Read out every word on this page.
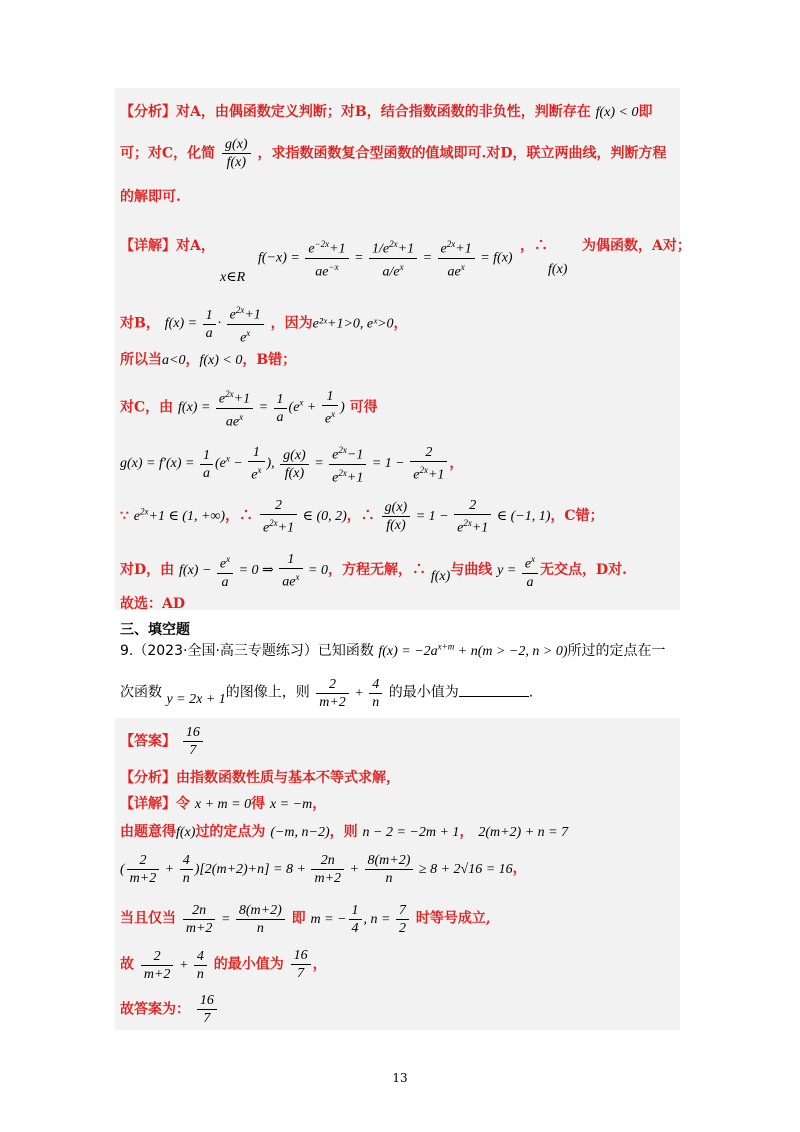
【分析】对A，由偶函数定义判断；对B，结合指数函数的非负性，判断存在 f(x) < 0即
可；对C，化简 $\frac{g(x)}{f(x)}$ ，求指数函数复合型函数的值域即可.对D，联立两曲线，判断方程
的解即可.
【详解】对A，
x∈R
$f(-x) = \frac{e^{-2x}+1}{ae^{-x}} = \frac{1/e^{2x}+1}{a/e^x} = \frac{e^{2x}+1}{ae^x} = f(x)$
，∴
f(x)
为偶函数，A对；
对B， $f(x) = \frac{1}{a} \cdot \frac{e^{2x}+1}{e^x}$ ，因为e²ˣ+1>0, eˣ>0，
所以当a<0，f(x) < 0，B错；
对C，由 $f(x) = \frac{e^{2x}+1}{ae^x} = \frac{1}{a} (e^x + \frac{1}{e^x}$ ) 可得
$g(x) = f'(x) = \frac{1}{a} (e^x - \frac{1}{e^x}$ ), $\frac{g(x)}{f(x)} = \frac{e^{2x}-1}{e^{2x}+1} = 1 - \frac{2}{e^{2x}+1}$ ，
∵ $e^{2x}+1$ ∈ (1, +∞)，∴ $\frac{2}{e^{2x}+1}$ ∈ (0, 2)，∴ $\frac{g(x)}{f(x)} = 1 - \frac{2}{e^{2x}+1}$ ∈ (−1, 1)，C错；
对D，由 $f(x) - \frac{e^x}{a} = 0$ ⇒ $\frac{1}{ae^x} = 0$，方程无解，∴ f(x)与曲线 $y = \frac{e^x}{a}$ 无交点，D对.
故选：AD
三、填空题
9.（2023·全国·高三专题练习）已知函数 $f(x) = -2a^{x+m} + n(m > -2$, n > 0)所过的定点在一
次函数 y = 2x + 1的图像上，则 $\frac{2}{m+2} + \frac{4}{n}$ 的最小值为	.
【答案】 $\frac{16}{7}$
【分析】由指数函数性质与基本不等式求解，
【详解】令 x + m = 0得 x = −m，
由题意得f(x)过的定点为 (−m, n−2)，则 n − 2 = −2m + 1， 2(m+2) + n = 7
( $\frac{2}{m+2} + \frac{4}{n} )[2(m+2)+n] = 8 + \frac{2n}{m+2} + \frac{8(m+2)}{n} \ge 8 + 2√16 = 16$，
当且仅当 $\frac{2n}{m+2} = \frac{8(m+2)}{n}$ 即 m = − $\frac{1}{4}$ , $n = \frac{7}{2}$ 时等号成立,
故 $\frac{2}{m+2} + \frac{4}{n}$ 的最小值为 $\frac{16}{7}$ ，
故答案为： $\frac{16}{7}$
13
